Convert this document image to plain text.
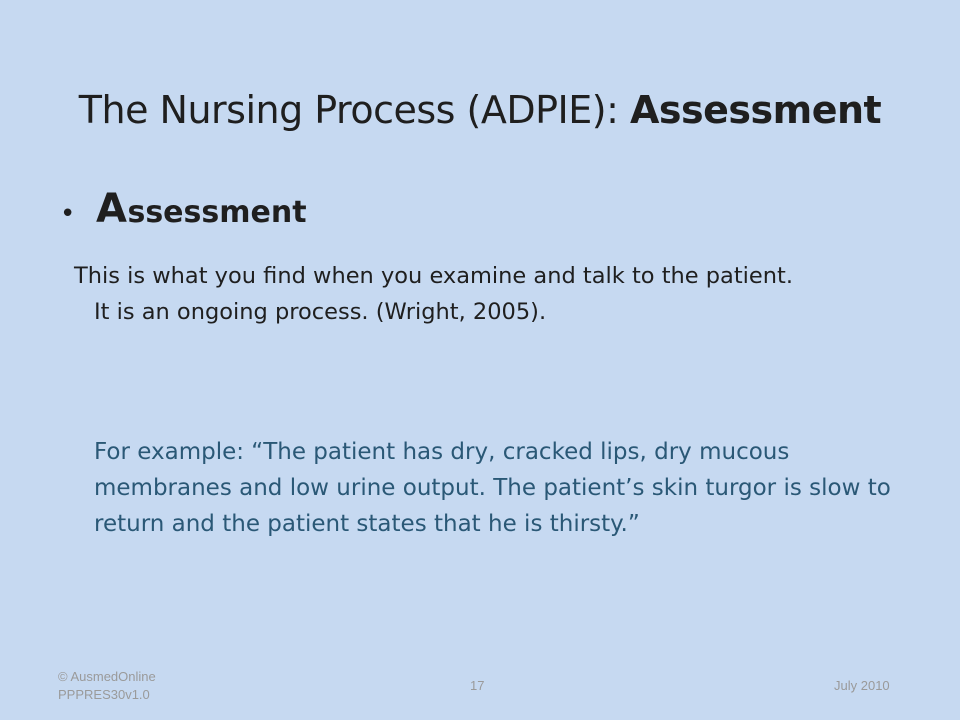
The Nursing Process (ADPIE): Assessment
• A ssessment
This is what you find when you examine and talk to the patient.
It is an ongoing process. (Wright, 2005).
For example: “The patient has dry, cracked lips, dry mucous membranes and low urine output. The patient’s skin turgor is slow to return and the patient states that he is thirsty.”
© AusmedOnline
PPPRES30v1.0
17	July 2010
